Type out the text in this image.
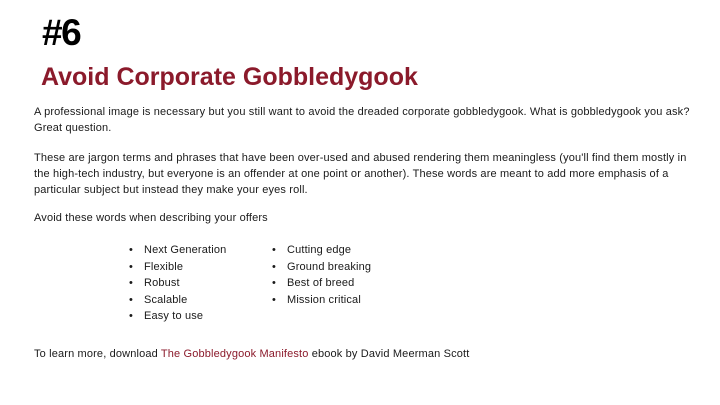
#6
Avoid Corporate Gobbledygook
A professional image is necessary but you still want to avoid the dreaded corporate gobbledygook. What is gobbledygook you ask? Great question.
These are jargon terms and phrases that have been over-used and abused rendering them meaningless (you'll find them mostly in the high-tech industry, but everyone is an offender at one point or another). These words are meant to add more emphasis of a particular subject but instead they make your eyes roll.
Avoid these words when describing your offers
• Next Generation
• Flexible
• Robust
• Scalable
• Easy to use
• Cutting edge
• Ground breaking
• Best of breed
• Mission critical
To learn more, download The Gobbledygook Manifesto ebook by David Meerman Scott
